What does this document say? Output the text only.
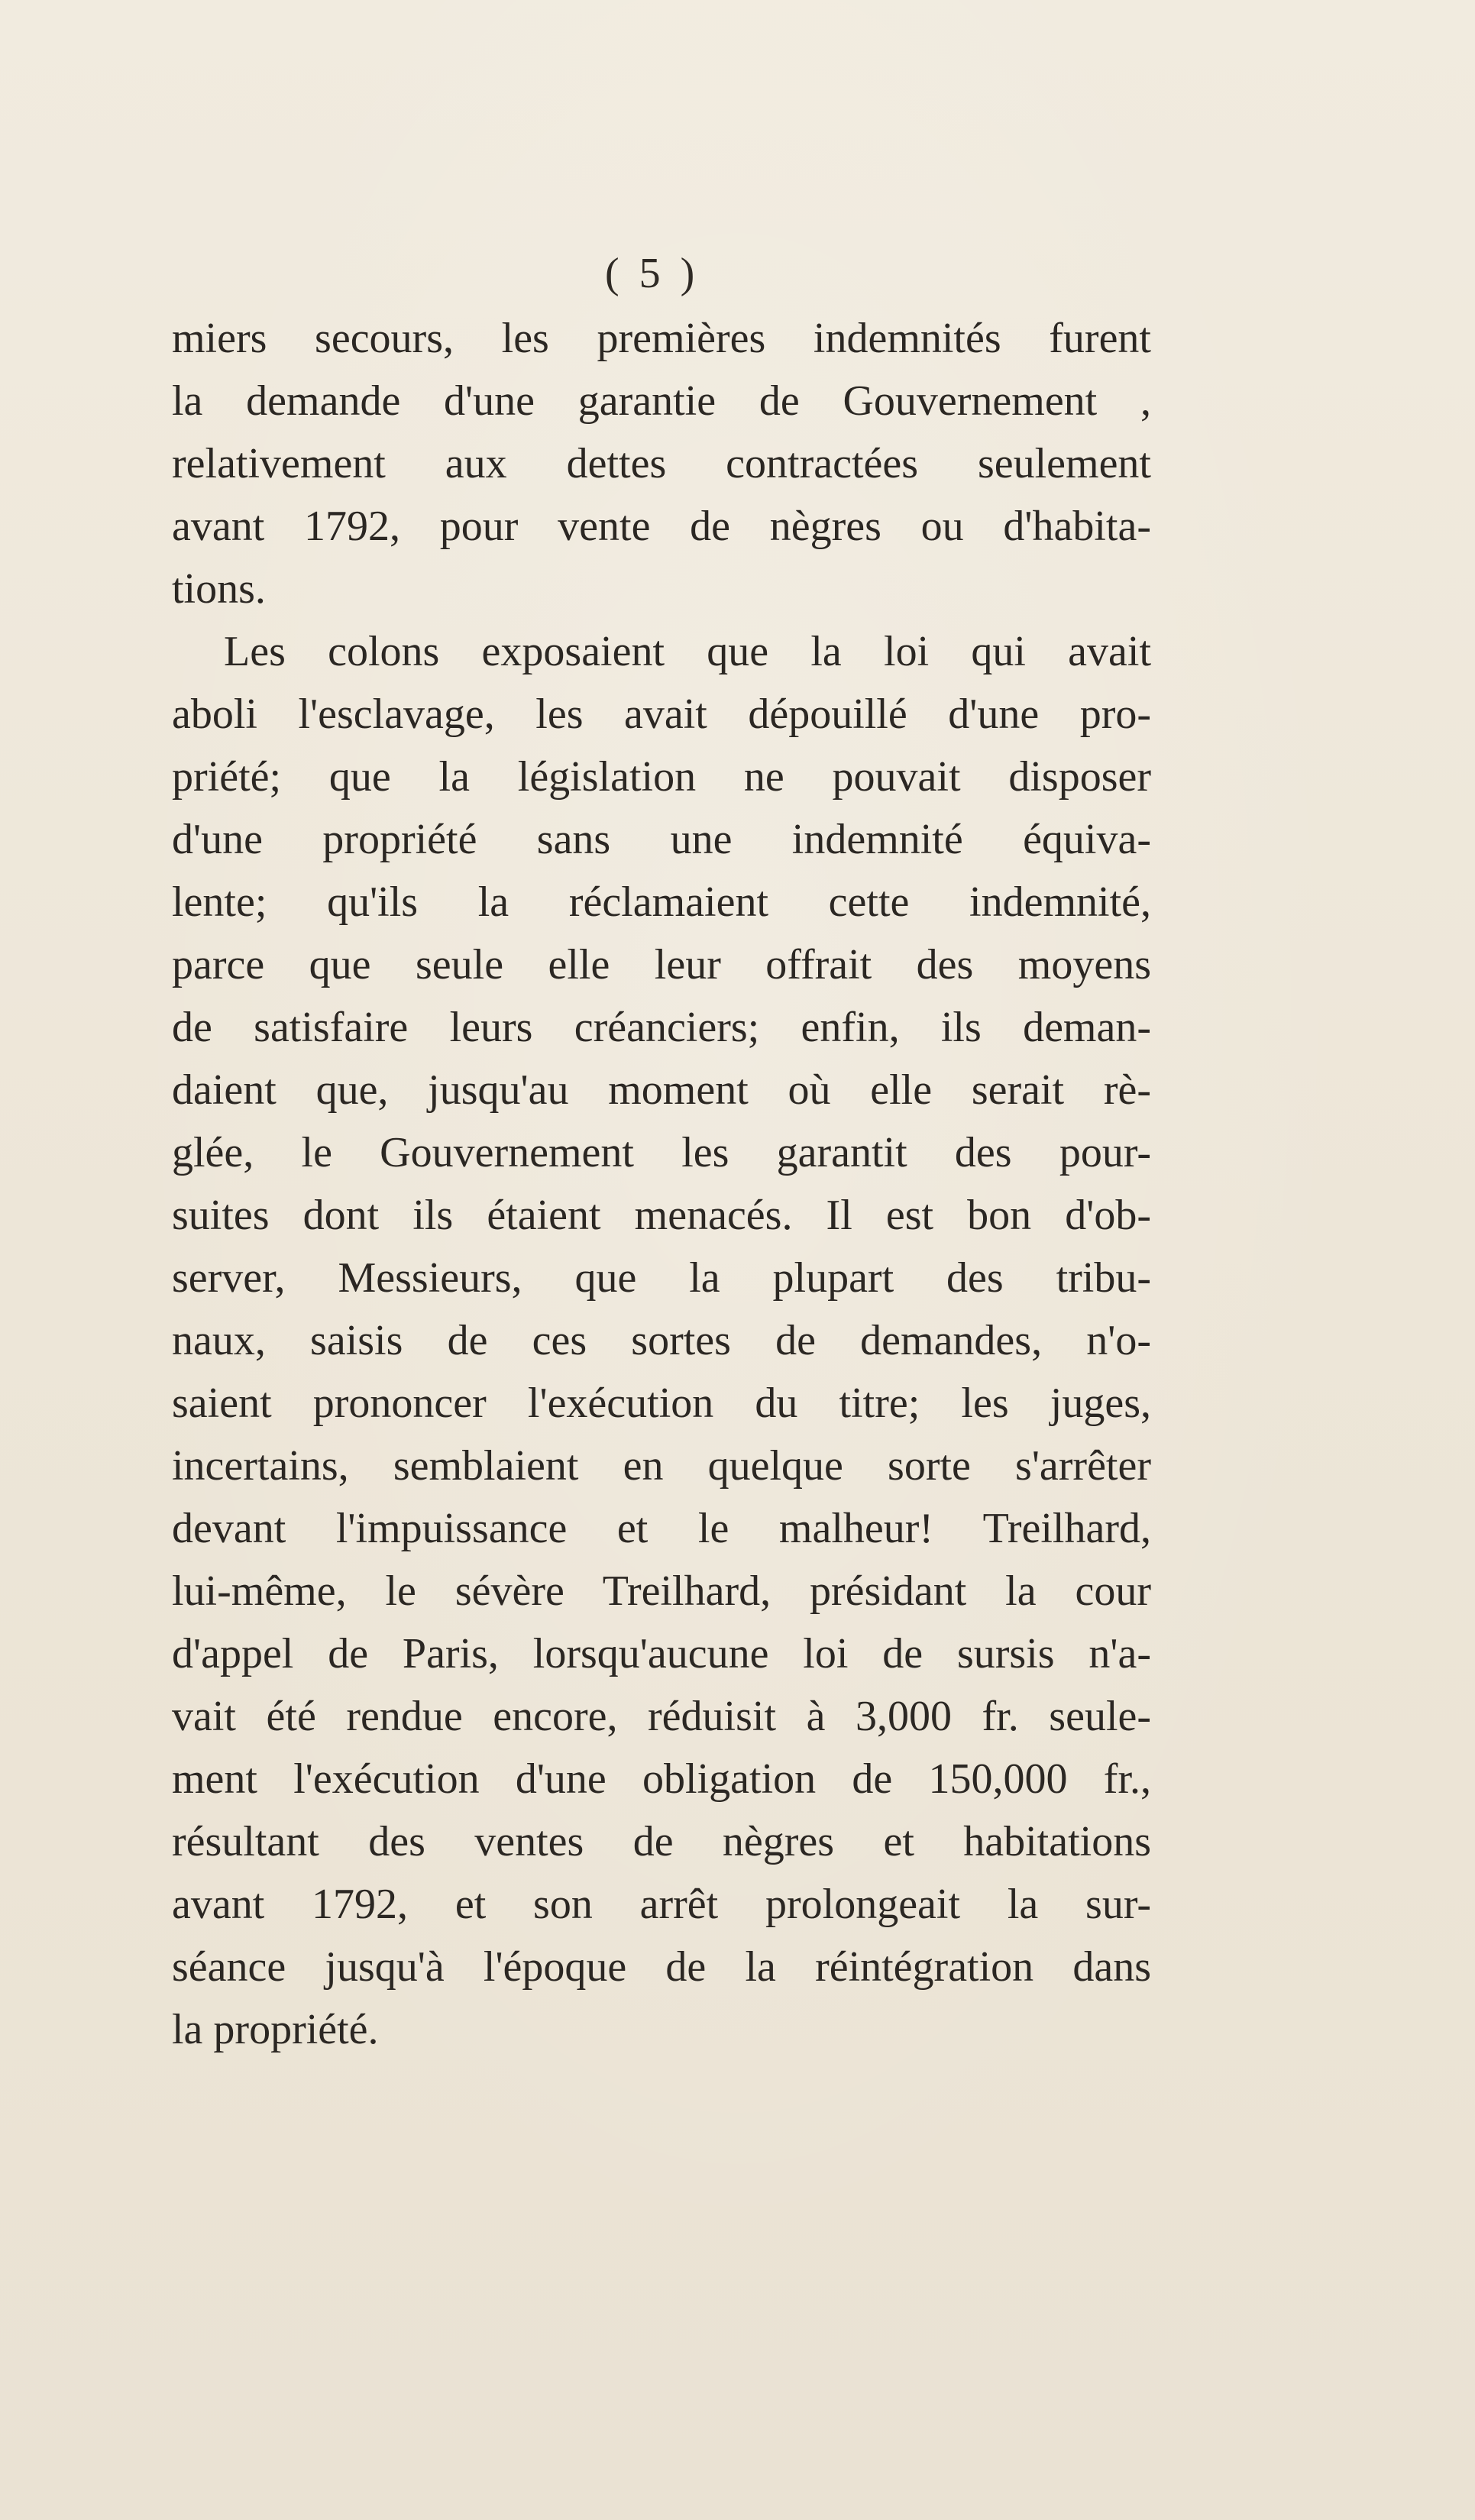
( 5 )
miers secours, les premières indemnités furent
la demande d'une garantie de Gouvernement ,
relativement aux dettes contractées seulement
avant 1792, pour vente de nègres ou d'habita-
tions.
Les colons exposaient que la loi qui avait
aboli l'esclavage, les avait dépouillé d'une pro-
priété; que la législation ne pouvait disposer
d'une propriété sans une indemnité équiva-
lente; qu'ils la réclamaient cette indemnité,
parce que seule elle leur offrait des moyens
de satisfaire leurs créanciers; enfin, ils deman-
daient que, jusqu'au moment où elle serait rè-
glée, le Gouvernement les garantit des pour-
suites dont ils étaient menacés. Il est bon d'ob-
server, Messieurs, que la plupart des tribu-
naux, saisis de ces sortes de demandes, n'o-
saient prononcer l'exécution du titre; les juges,
incertains, semblaient en quelque sorte s'arrêter
devant l'impuissance et le malheur! Treilhard,
lui-même, le sévère Treilhard, présidant la cour
d'appel de Paris, lorsqu'aucune loi de sursis n'a-
vait été rendue encore, réduisit à 3,000 fr. seule-
ment l'exécution d'une obligation de 150,000 fr.,
résultant des ventes de nègres et habitations
avant 1792, et son arrêt prolongeait la sur-
séance jusqu'à l'époque de la réintégration dans
la propriété.
